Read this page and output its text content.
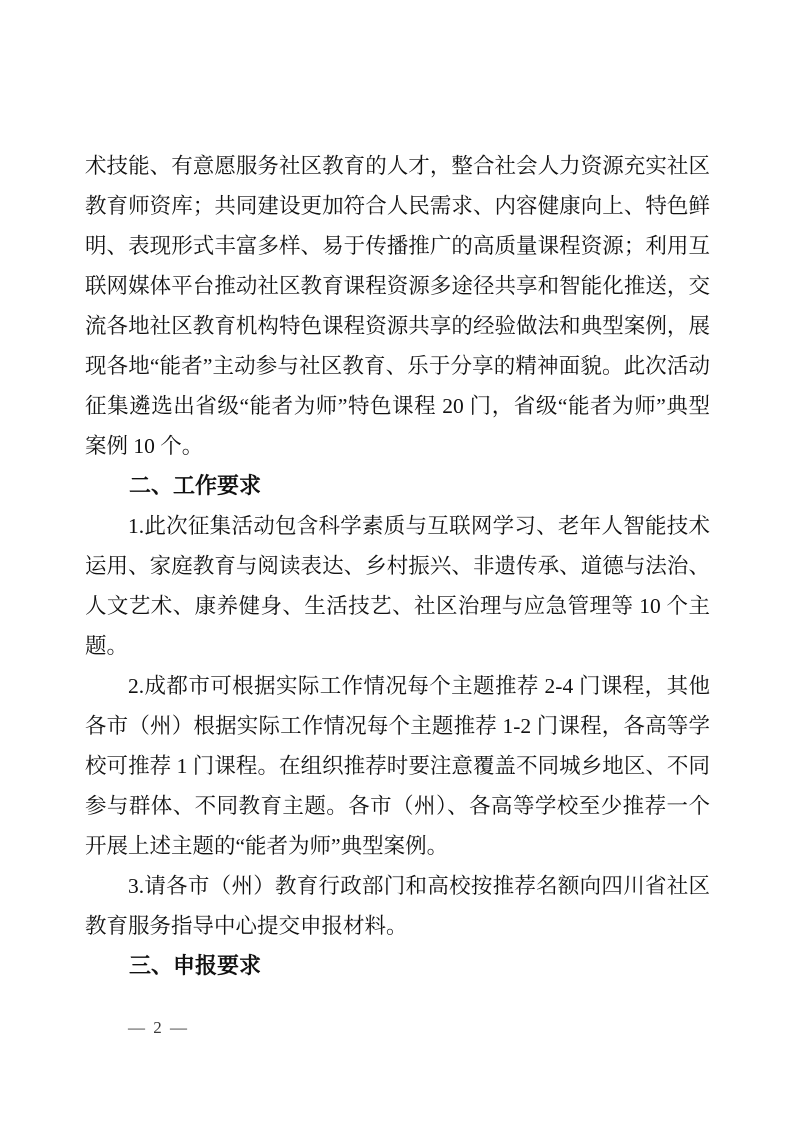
术技能、有意愿服务社区教育的人才，整合社会人力资源充实社区教育师资库；共同建设更加符合人民需求、内容健康向上、特色鲜明、表现形式丰富多样、易于传播推广的高质量课程资源；利用互联网媒体平台推动社区教育课程资源多途径共享和智能化推送，交流各地社区教育机构特色课程资源共享的经验做法和典型案例，展现各地“能者”主动参与社区教育、乐于分享的精神面貌。此次活动征集遴选出省级“能者为师”特色课程 20 门，省级“能者为师”典型案例 10 个。

二、工作要求

1.此次征集活动包含科学素质与互联网学习、老年人智能技术运用、家庭教育与阅读表达、乡村振兴、非遗传承、道德与法治、人文艺术、康养健身、生活技艺、社区治理与应急管理等 10 个主题。

2.成都市可根据实际工作情况每个主题推荐 2-4 门课程，其他各市（州）根据实际工作情况每个主题推荐 1-2 门课程，各高等学校可推荐 1 门课程。在组织推荐时要注意覆盖不同城乡地区、不同参与群体、不同教育主题。各市（州）、各高等学校至少推荐一个开展上述主题的“能者为师”典型案例。

3.请各市（州）教育行政部门和高校按推荐名额向四川省社区教育服务指导中心提交申报材料。

三、申报要求
— 2 —
